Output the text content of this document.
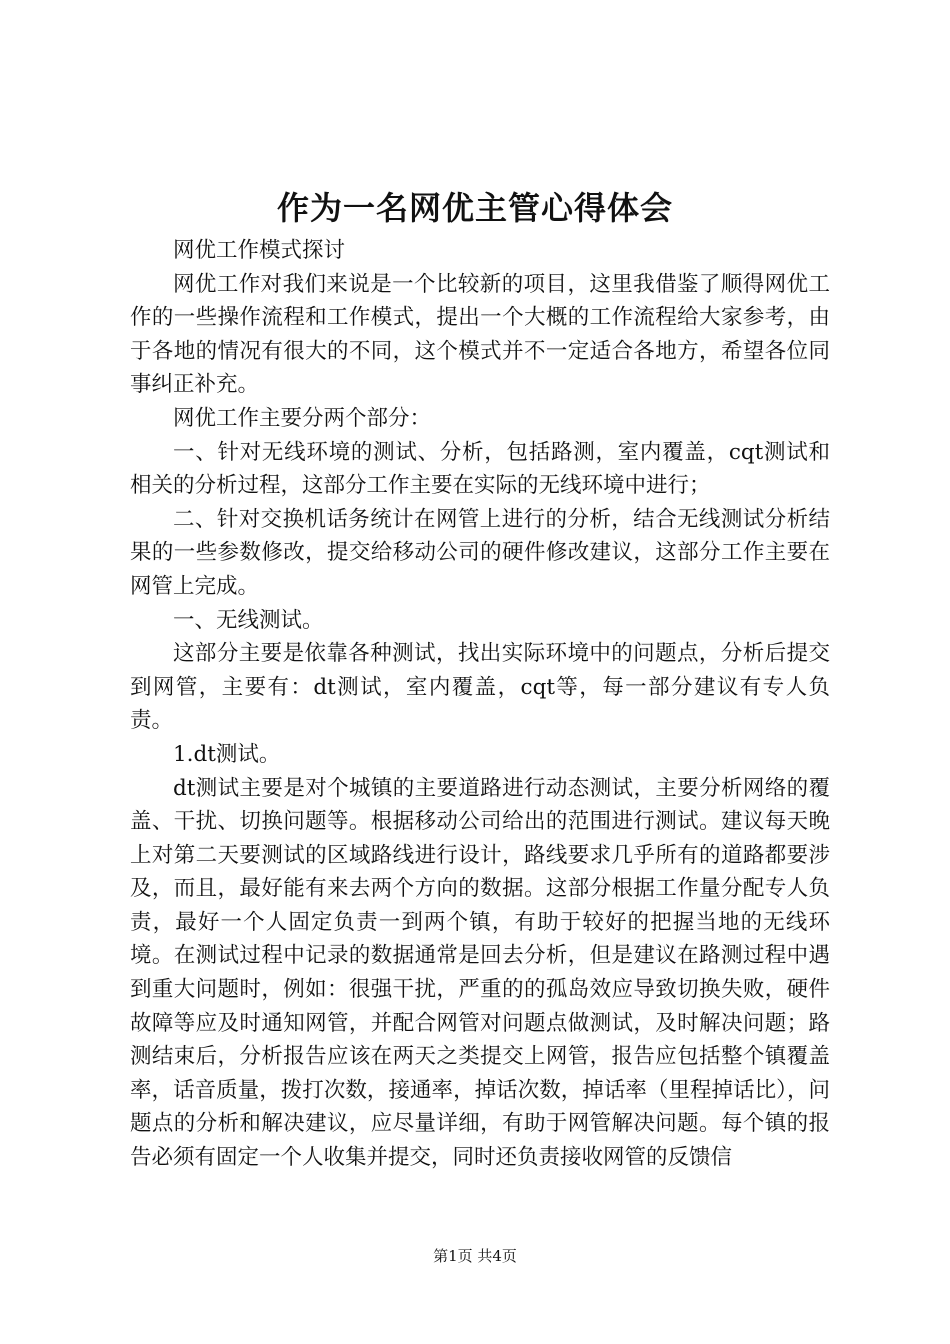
作为一名网优主管心得体会

网优工作模式探讨

网优工作对我们来说是一个比较新的项目，这里我借鉴了顺得网优工作的一些操作流程和工作模式，提出一个大概的工作流程给大家参考，由于各地的情况有很大的不同，这个模式并不一定适合各地方，希望各位同事纠正补充。

网优工作主要分两个部分：

一、针对无线环境的测试、分析，包括路测，室内覆盖，cqt测试和相关的分析过程，这部分工作主要在实际的无线环境中进行；

二、针对交换机话务统计在网管上进行的分析，结合无线测试分析结果的一些参数修改，提交给移动公司的硬件修改建议，这部分工作主要在网管上完成。

一、无线测试。

这部分主要是依靠各种测试，找出实际环境中的问题点，分析后提交到网管，主要有：dt测试，室内覆盖，cqt等，每一部分建议有专人负责。

1.dt测试。

dt测试主要是对个城镇的主要道路进行动态测试，主要分析网络的覆盖、干扰、切换问题等。根据移动公司给出的范围进行测试。建议每天晚上对第二天要测试的区域路线进行设计，路线要求几乎所有的道路都要涉及，而且，最好能有来去两个方向的数据。这部分根据工作量分配专人负责，最好一个人固定负责一到两个镇，有助于较好的把握当地的无线环境。在测试过程中记录的数据通常是回去分析，但是建议在路测过程中遇到重大问题时，例如：很强干扰，严重的的孤岛效应导致切换失败，硬件故障等应及时通知网管，并配合网管对问题点做测试，及时解决问题；路测结束后，分析报告应该在两天之类提交上网管，报告应包括整个镇覆盖率，话音质量，拨打次数，接通率，掉话次数，掉话率（里程掉话比），问题点的分析和解决建议，应尽量详细，有助于网管解决问题。每个镇的报告必须有固定一个人收集并提交，同时还负责接收网管的反馈信

第1页 共4页
